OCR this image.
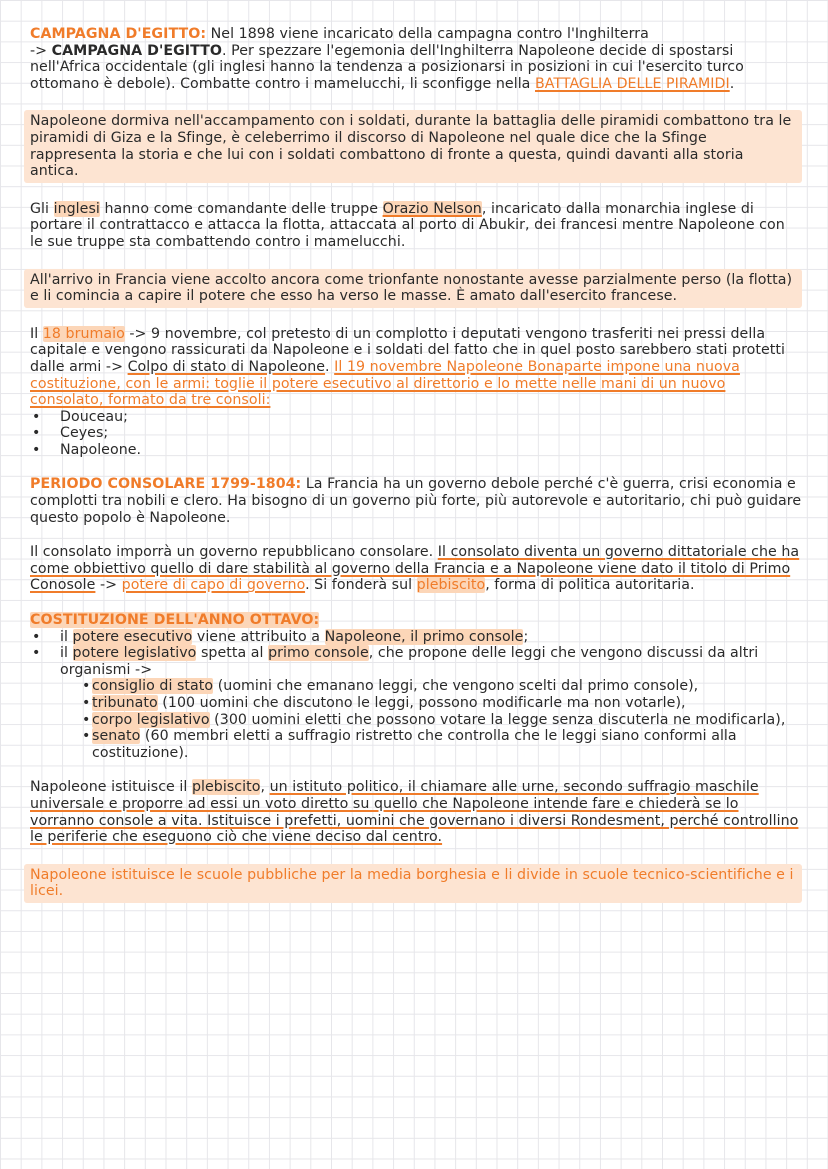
CAMPAGNA D'EGITTO: Nel 1898 viene incaricato della campagna contro l'Inghilterra
-> CAMPAGNA D'EGITTO. Per spezzare l'egemonia dell'Inghilterra Napoleone decide di spostarsi nell'Africa occidentale (gli inglesi hanno la tendenza a posizionarsi in posizioni in cui l'esercito turco ottomano è debole). Combatte contro i mamelucchi, li sconfigge nella BATTAGLIA DELLE PIRAMIDI.

Napoleone dormiva nell'accampamento con i soldati, durante la battaglia delle piramidi combattono tra le piramidi di Giza e la Sfinge, è celeberrimo il discorso di Napoleone nel quale dice che la Sfinge rappresenta la storia e che lui con i soldati combattono di fronte a questa, quindi davanti alla storia antica.

Gli inglesi hanno come comandante delle truppe Orazio Nelson, incaricato dalla monarchia inglese di portare il contrattacco e attacca la flotta, attaccata al porto di Abukir, dei francesi mentre Napoleone con le sue truppe sta combattendo contro i mamelucchi.

All'arrivo in Francia viene accolto ancora come trionfante nonostante avesse parzialmente perso (la flotta) e li comincia a capire il potere che esso ha verso le masse. È amato dall'esercito francese.

Il 18 brumaio -> 9 novembre, col pretesto di un complotto i deputati vengono trasferiti nei pressi della capitale e vengono rassicurati da Napoleone e i soldati del fatto che in quel posto sarebbero stati protetti dalle armi -> Colpo di stato di Napoleone. Il 19 novembre Napoleone Bonaparte impone una nuova costituzione, con le armi: toglie il potere esecutivo al direttorio e lo mette nelle mani di un nuovo consolato, formato da tre consoli:
• Douceau;
• Ceyes;
• Napoleone.

PERIODO CONSOLARE 1799-1804: La Francia ha un governo debole perché c'è guerra, crisi economia e complotti tra nobili e clero. Ha bisogno di un governo più forte, più autorevole e autoritario, chi può guidare questo popolo è Napoleone.

Il consolato imporrà un governo repubblicano consolare. Il consolato diventa un governo dittatoriale che ha come obbiettivo quello di dare stabilità al governo della Francia e a Napoleone viene dato il titolo di Primo Conosole -> potere di capo di governo. Si fonderà sul plebiscito, forma di politica autoritaria.

COSTITUZIONE DELL'ANNO OTTAVO:
• il potere esecutivo viene attribuito a Napoleone, il primo console;
• il potere legislativo spetta al primo console, che propone delle leggi che vengono discussi da altri organismi ->
• consiglio di stato (uomini che emanano leggi, che vengono scelti dal primo console),
• tribunato (100 uomini che discutono le leggi, possono modificarle ma non votarle),
• corpo legislativo (300 uomini eletti che possono votare la legge senza discuterla ne modificarla),
• senato (60 membri eletti a suffragio ristretto che controlla che le leggi siano conformi alla costituzione).

Napoleone istituisce il plebiscito, un istituto politico, il chiamare alle urne, secondo suffragio maschile universale e proporre ad essi un voto diretto su quello che Napoleone intende fare e chiederà se lo vorranno console a vita. Istituisce i prefetti, uomini che governano i diversi Rondesment, perché controllino le periferie che eseguono ciò che viene deciso dal centro.

Napoleone istituisce le scuole pubbliche per la media borghesia e li divide in scuole tecnico-scientifiche e i licei.
